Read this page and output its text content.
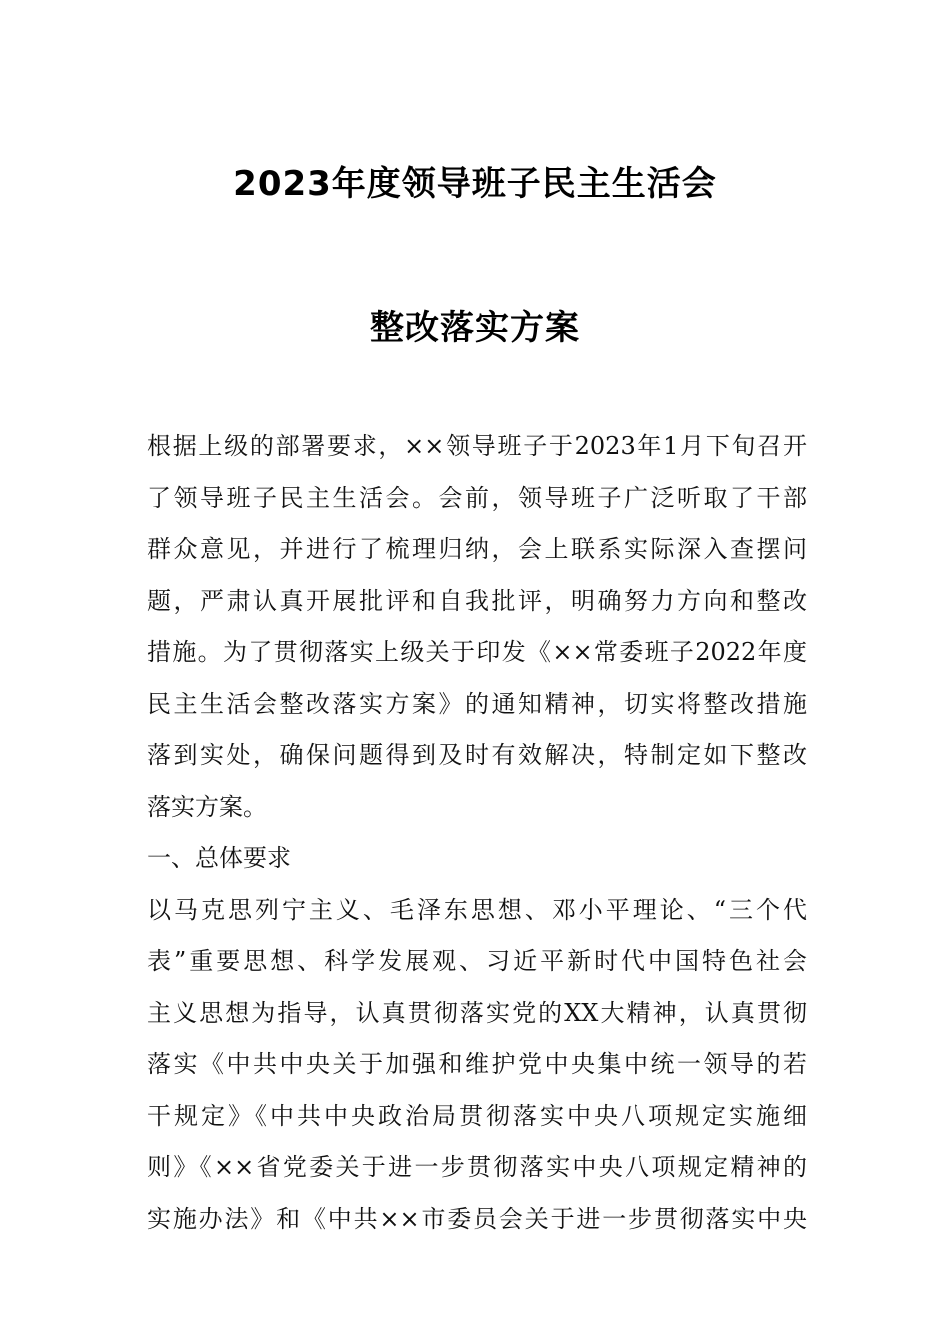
2023年度领导班子民主生活会
整改落实方案
根据上级的部署要求，××领导班子于2023年1月下旬召开
了领导班子民主生活会。会前，领导班子广泛听取了干部
群众意见，并进行了梳理归纳，会上联系实际深入查摆问
题，严肃认真开展批评和自我批评，明确努力方向和整改
措施。为了贯彻落实上级关于印发《××常委班子2022年度
民主生活会整改落实方案》的通知精神，切实将整改措施
落到实处，确保问题得到及时有效解决，特制定如下整改
落实方案。
一、总体要求
以马克思列宁主义、毛泽东思想、邓小平理论、“三个代
表”重要思想、科学发展观、习近平新时代中国特色社会
主义思想为指导，认真贯彻落实党的XX大精神，认真贯彻
落实《中共中央关于加强和维护党中央集中统一领导的若
干规定》《中共中央政治局贯彻落实中央八项规定实施细
则》《××省党委关于进一步贯彻落实中央八项规定精神的
实施办法》和《中共××市委员会关于进一步贯彻落实中央
